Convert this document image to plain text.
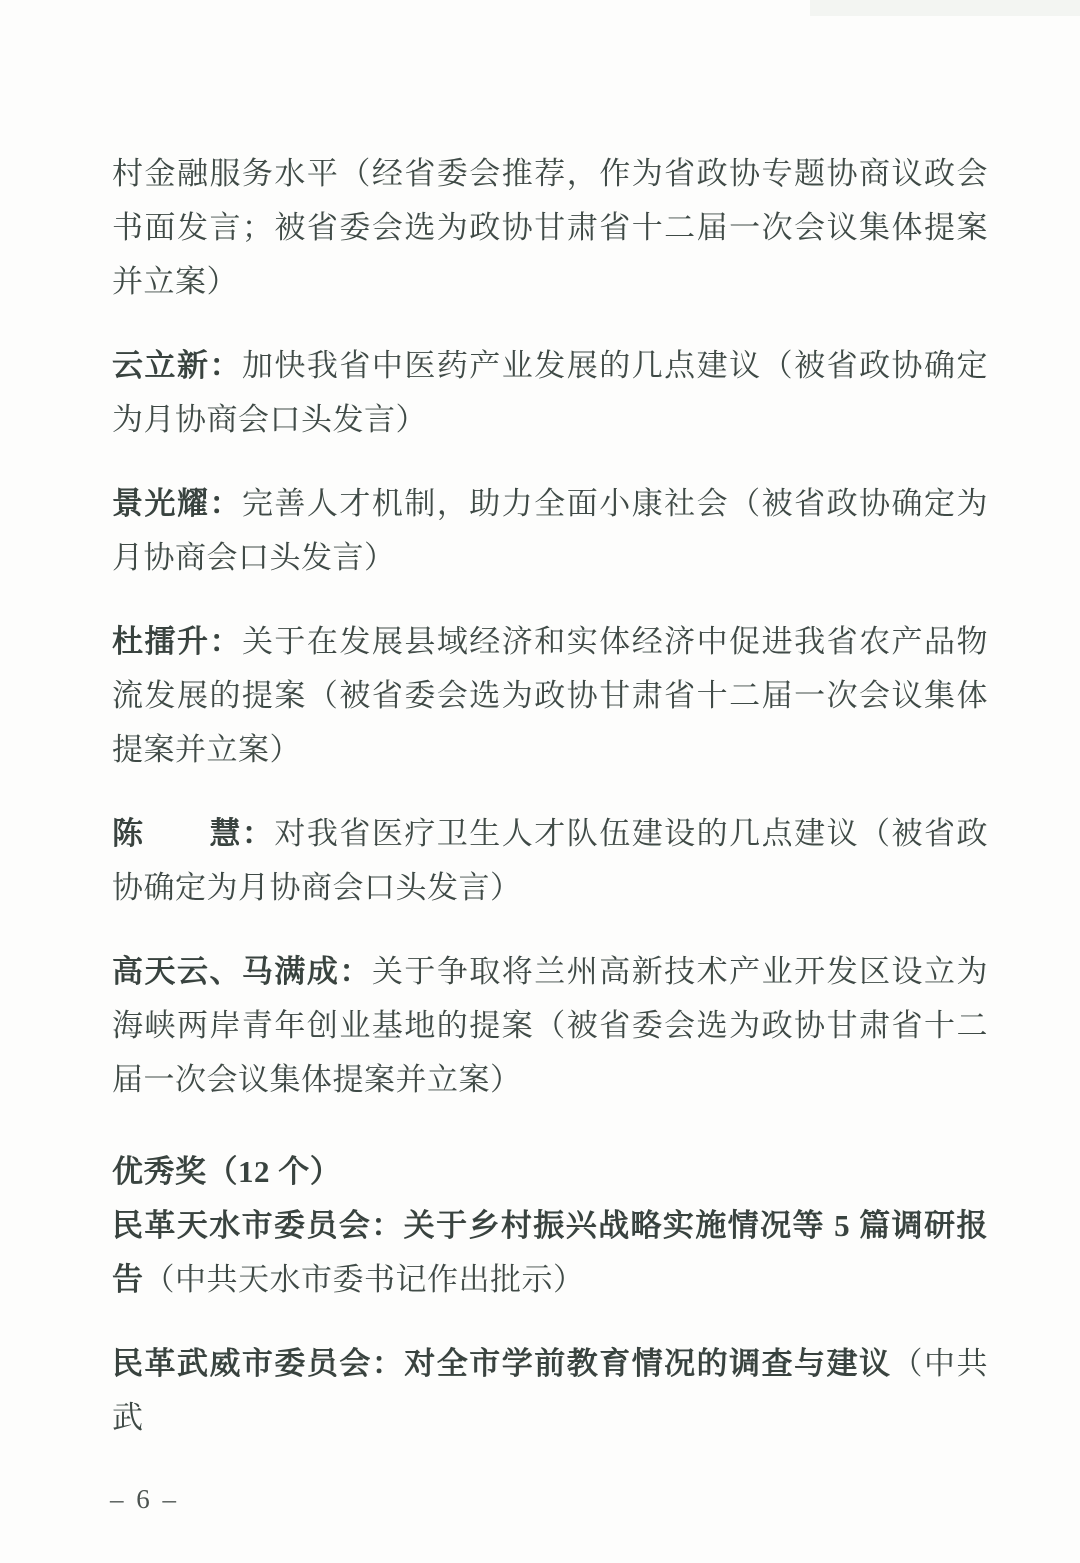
村金融服务水平（经省委会推荐，作为省政协专题协商议政会书面发言；被省委会选为政协甘肃省十二届一次会议集体提案并立案）

云立新：加快我省中医药产业发展的几点建议（被省政协确定为月协商会口头发言）

景光耀：完善人才机制，助力全面小康社会（被省政协确定为月协商会口头发言）

杜擂升：关于在发展县域经济和实体经济中促进我省农产品物流发展的提案（被省委会选为政协甘肃省十二届一次会议集体提案并立案）

陈　　慧：对我省医疗卫生人才队伍建设的几点建议（被省政协确定为月协商会口头发言）

高天云、马满成：关于争取将兰州高新技术产业开发区设立为海峡两岸青年创业基地的提案（被省委会选为政协甘肃省十二届一次会议集体提案并立案）

优秀奖（12 个）

民革天水市委员会：关于乡村振兴战略实施情况等 5 篇调研报告（中共天水市委书记作出批示）

民革武威市委员会：对全市学前教育情况的调查与建议（中共武

– 6 –
